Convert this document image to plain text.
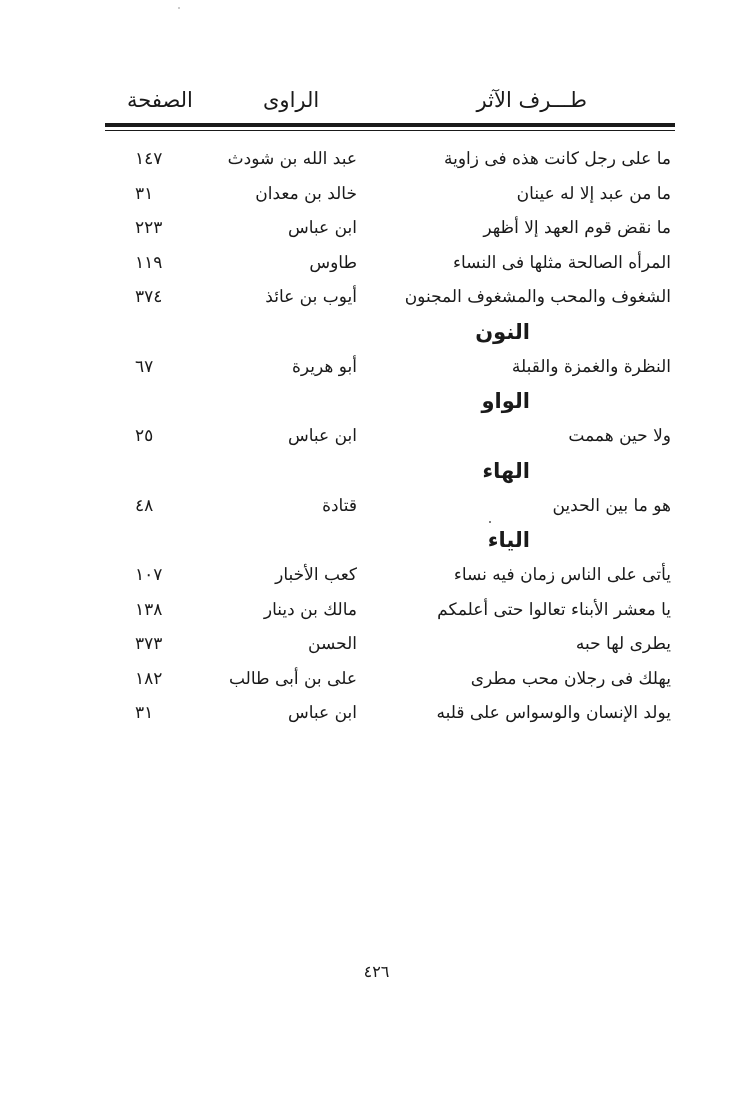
طـــرف الآثر
الراوى
الصفحة
ما على رجل كانت هذه فى زاوية
عبد الله بن شودث
١٤٧
ما من عبد إلا له عينان
خالد بن معدان
٣١
ما نقض قوم العهد إلا أظهر
ابن عباس
٢٢٣
المرأه الصالحة مثلها فى النساء
طاوس
١١٩
الشغوف والمحب والمشغوف المجنون
أيوب بن عائذ
٣٧٤
النون
النظرة والغمزة والقبلة
أبو هريرة
٦٧
الواو
ولا حين هممت
ابن عباس
٢٥
الهاء
هو ما بين الحدين
قتادة
٤٨
الياء
يأتى على الناس زمان فيه نساء
كعب الأخبار
١٠٧
يا معشر الأبناء تعالوا حتى أعلمكم
مالك بن دينار
١٣٨
يطرى لها حبه
الحسن
٣٧٣
يهلك فى رجلان محب مطرى
على بن أبى طالب
١٨٢
يولد الإنسان والوسواس على قلبه
ابن عباس
٣١
٤٢٦
